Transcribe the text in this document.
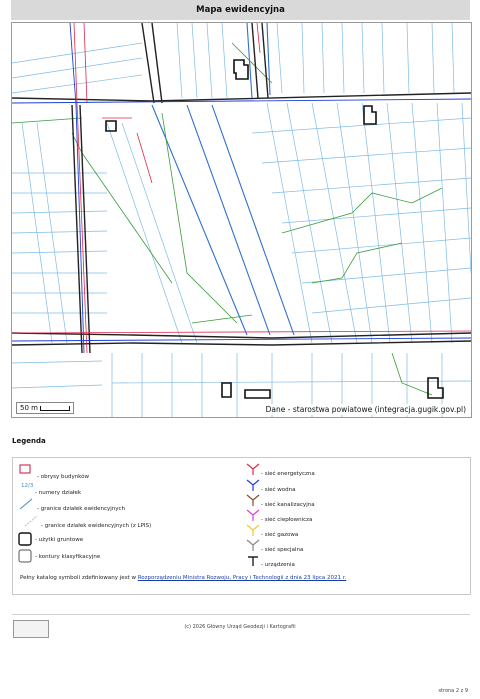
Mapa ewidencyjna
50 m	Dane - starostwa powiatowe (integracja.gugik.gov.pl)
Legenda
- obrysy budynków
12/3
- numery działek
- granice działek ewidencyjnych
- granice działek ewidencyjnych (z LPIS)
- użytki gruntowe
- kontury klasyfikacyjne
- sieć energetyczna
- sieć wodna
- sieć kanalizacyjna
- sieć ciepłownicza
- sieć gazowa
- sieć specjalna
- urządzenia
Pełny katalog symboli zdefiniowany jest w Rozporządzeniu Ministra Rozwoju, Pracy i Technologii z dnia 23 lipca 2021 r.
(c) 2026 Główny Urząd Geodezji i Kartografii
strona 2 z 9
